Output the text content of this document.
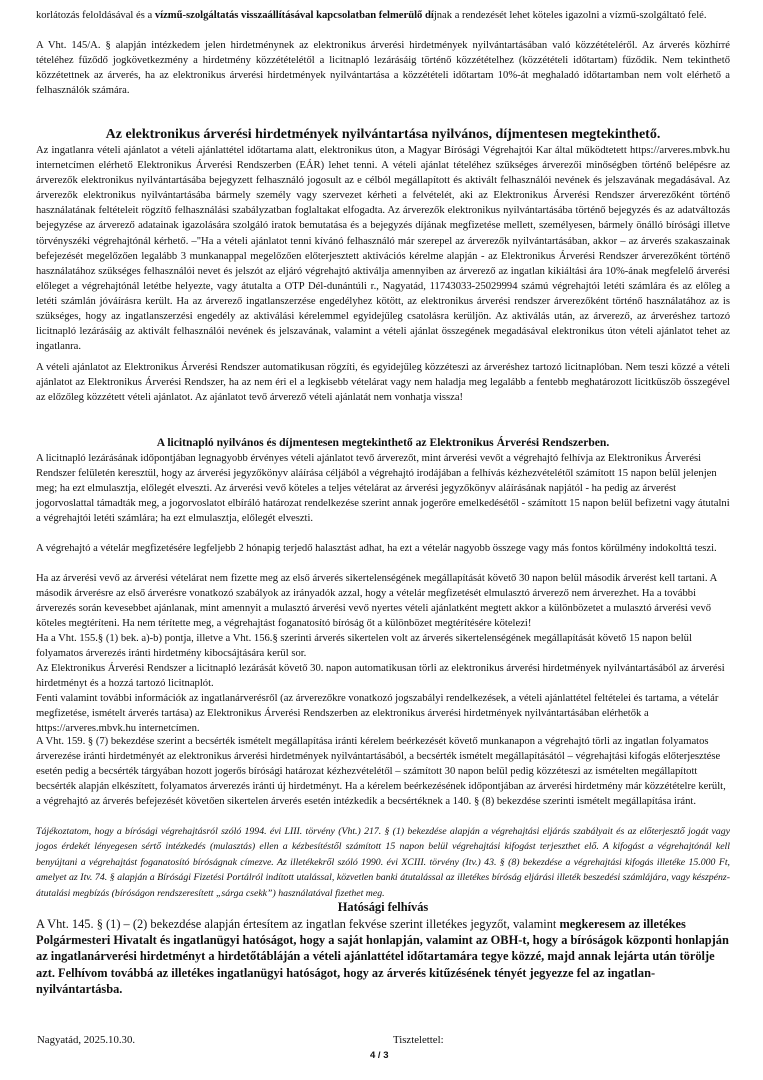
korlátozás feloldásával és a vízmű-szolgáltatás visszaállításával kapcsolatban felmerülő díjnak a rendezését lehet köteles igazolni a vízmű-szolgáltató felé.

A Vht. 145/A. § alapján intézkedem jelen hirdetménynek az elektronikus árverési hirdetmények nyilvántartásában való közzétételéről. Az árverés közhírré tételéhez fűződő jogkövetkezmény a hirdetmény közzétételétől a licitnapló lezárásáig történő közzétételhez (közzétételi időtartam) fűződik. Nem tekinthető közzétettnek az árverés, ha az elektronikus árverési hirdetmények nyilvántartása a közzétételi időtartam 10%-át meghaladó időtartamban nem volt elérhető a felhasználók számára.

Az elektronikus árverési hirdetmények nyilvántartása nyilvános, díjmentesen megtekinthető.

Az ingatlanra vételi ajánlatot a vételi ajánlattétel időtartama alatt, elektronikus úton, a Magyar Bírósági Végrehajtói Kar által működtetett https://arveres.mbvk.hu internetcímen elérhető Elektronikus Árverési Rendszerben (EÁR) lehet tenni. A vételi ajánlat tételéhez szükséges árverezői minőségben történő belépésre az árverezők elektronikus nyilvántartásába bejegyzett felhasználó jogosult az e célból megállapított és aktivált felhasználói nevének és jelszavának megadásával. Az árverezők elektronikus nyilvántartásába bármely személy vagy szervezet kérheti a felvételét, aki az Elektronikus Árverési Rendszer árverezőként történő használatának feltételeit rögzítő felhasználási szabályzatban foglaltakat elfogadta. Az árverezők elektronikus nyilvántartásába történő bejegyzés és az adatváltozás bejegyzése az árverező adatainak igazolására szolgáló iratok bemutatása és a bejegyzés díjának megfizetése mellett, személyesen, bármely önálló bírósági illetve törvényszéki végrehajtónál kérhető. –"Ha a vételi ajánlatot tenni kívánó felhasználó már szerepel az árverezők nyilvántartásában, akkor – az árverés szakaszainak befejezését megelőzően legalább 3 munkanappal megelőzően előterjesztett aktivációs kérelme alapján - az Elektronikus Árverési Rendszer árverezőként történő használatához szükséges felhasználói nevet és jelszót az eljáró végrehajtó aktiválja amennyiben az árverező az ingatlan kikiáltási ára 10%-ának megfelelő árverési előleget a végrehajtónál letétbe helyezte, vagy átutalta a OTP Dél-dunántúli r., Nagyatád, 11743033-25029994 számú végrehajtói letéti számlára és az előleg a letéti számlán jóváírásra került. Ha az árverező ingatlanszerzése engedélyhez kötött, az elektronikus árverési rendszer árverezőként történő használatához az is szükséges, hogy az ingatlanszerzési engedély az aktiválási kérelemmel egyidejűleg csatolásra kerüljön. Az aktiválás után, az árverező, az árveréshez tartozó licitnapló lezárásáig az aktivált felhasználói nevének és jelszavának, valamint a vételi ajánlat összegének megadásával elektronikus úton vételi ajánlatot tehet az ingatlanra.

A vételi ajánlatot az Elektronikus Árverési Rendszer automatikusan rögzíti, és egyidejűleg közzéteszi az árveréshez tartozó licitnaplóban. Nem teszi közzé a vételi ajánlatot az Elektronikus Árverési Rendszer, ha az nem éri el a legkisebb vételárat vagy nem haladja meg legalább a fentebb meghatározott licitküszöb összegével az előzőleg közzétett vételi ajánlatot. Az ajánlatot tevő árverező vételi ajánlatát nem vonhatja vissza!

A licitnapló nyilvános és díjmentesen megtekinthető az Elektronikus Árverési Rendszerben.

A licitnapló lezárásának időpontjában legnagyobb érvényes vételi ajánlatot tevő árverezőt, mint árverési vevőt a végrehajtó felhívja az Elektronikus Árverési Rendszer felületén keresztül, hogy az árverési jegyzőkönyv aláírása céljából a végrehajtó irodájában a felhívás kézhezvételétől számított 15 napon belül jelenjen meg; ha ezt elmulasztja, előlegét elveszti. Az árverési vevő köteles a teljes vételárat az árverési jegyzőkönyv aláírásának napjától - ha pedig az árverést jogorvoslattal támadták meg, a jogorvoslatot elbíráló határozat rendelkezése szerint annak jogerőre emelkedésétől - számított 15 napon belül befizetni vagy átutalni a végrehajtói letéti számlára; ha ezt elmulasztja, előlegét elveszti.

A végrehajtó a vételár megfizetésére legfeljebb 2 hónapig terjedő halasztást adhat, ha ezt a vételár nagyobb összege vagy más fontos körülmény indokolttá teszi.

Ha az árverési vevő az árverési vételárat nem fizette meg az első árverés sikertelenségének megállapítását követő 30 napon belül második árverést kell tartani. A második árverésre az első árverésre vonatkozó szabályok az irányadók azzal, hogy a vételár megfizetését elmulasztó árverező nem árverezhet. Ha a további árverezés során kevesebbet ajánlanak, mint amennyit a mulasztó árverési vevő nyertes vételi ajánlatként megtett akkor a különbözetet a mulasztó árverési vevő köteles megtéríteni. Ha nem térítette meg, a végrehajtást foganatosító bíróság őt a különbözet megtérítésére kötelezi!

Ha a Vht. 155.§ (1) bek. a)-b) pontja, illetve a Vht. 156.§ szerinti árverés sikertelen volt az árverés sikertelenségének megállapítását követő 15 napon belül folyamatos árverezés iránti hirdetmény kibocsájtására kerül sor.

Az Elektronikus Árverési Rendszer a licitnapló lezárását követő 30. napon automatikusan törli az elektronikus árverési hirdetmények nyilvántartásából az árverési hirdetményt és a hozzá tartozó licitnaplót.

Fenti valamint további információk az ingatlanárverésről (az árverezőkre vonatkozó jogszabályi rendelkezések, a vételi ajánlattétel feltételei és tartama, a vételár megfizetése, ismételt árverés tartása) az Elektronikus Árverési Rendszerben az elektronikus árverési hirdetmények nyilvántartásában elérhetők a https://arveres.mbvk.hu internetcímen.

A Vht. 159. § (7) bekezdése szerint a becsérték ismételt megállapítása iránti kérelem beérkezését követő munkanapon a végrehajtó törli az ingatlan folyamatos árverezése iránti hirdetményét az elektronikus árverési hirdetmények nyilvántartásából, a becsérték ismételt megállapításától – végrehajtási kifogás előterjesztése esetén pedig a becsérték tárgyában hozott jogerős bírósági határozat kézhezvételétől – számított 30 napon belül pedig közzéteszi az ismételten megállapított becsérték alapján elkészített, folyamatos árverezés iránti új hirdetményt. Ha a kérelem beérkezésének időpontjában az árverési hirdetmény már közzétételre került, a végrehajtó az árverés befejezését követően sikertelen árverés esetén intézkedik a becsértéknek a 140. § (8) bekezdése szerinti ismételt megállapítása iránt.

Tájékoztatom, hogy a bírósági végrehajtásról szóló 1994. évi LIII. törvény (Vht.) 217. § (1) bekezdése alapján a végrehajtási eljárás szabályait és az előterjesztő jogát vagy jogos érdekét lényegesen sértő intézkedés (mulasztás) ellen a kézbesítéstől számított 15 napon belül végrehajtási kifogást terjeszthet elő. A kifogást a végrehajtónál kell benyújtani a végrehajtást foganatosító bíróságnak címezve. Az illetékekről szóló 1990. évi XCIII. törvény (Itv.) 43. § (8) bekezdése a végrehajtási kifogás illetéke 15.000 Ft, amelyet az Itv. 74. § alapján a Bírósági Fizetési Portálról indított utalással, közvetlen banki átutalással az illetékes bíróság eljárási illeték beszedési számlájára, vagy készpénz-átutalási megbízás (bíróságon rendszeresített „sárga csekk”) használatával fizethet meg.

Hatósági felhívás

A Vht. 145. § (1) – (2) bekezdése alapján értesítem az ingatlan fekvése szerint illetékes jegyzőt, valamint megkeresem az illetékes Polgármesteri Hivatalt és ingatlanügyi hatóságot, hogy a saját honlapján, valamint az OBH-t, hogy a bíróságok központi honlapján az ingatlanárverési hirdetményt a hirdetőtábláján a vételi ajánlattétel időtartamára tegye közzé, majd annak lejárta után törölje azt. Felhívom továbbá az illetékes ingatlanügyi hatóságot, hogy az árverés kitűzésének tényét jegyezze fel az ingatlan-nyilvántartásba.

Nagyatád, 2025.10.30.	Tisztelettel:
4 / 3
